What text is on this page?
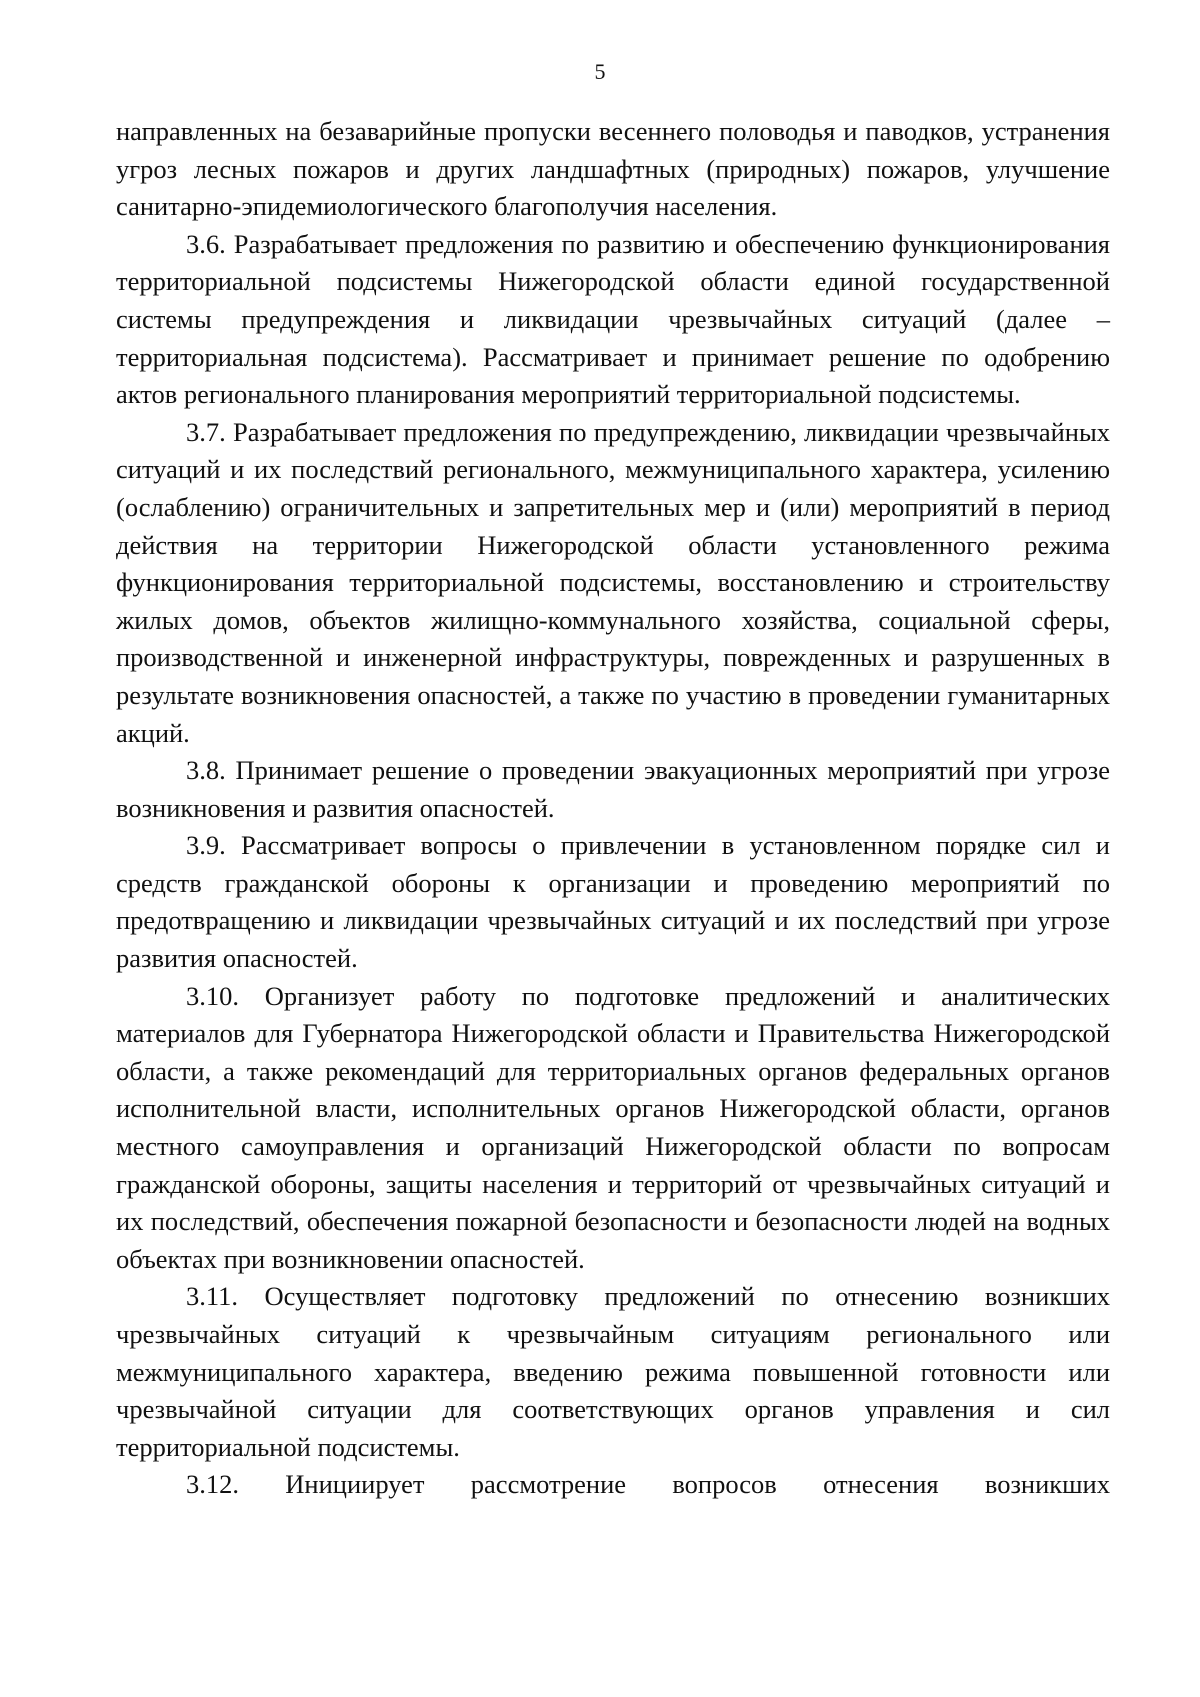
5

направленных на безаварийные пропуски весеннего половодья и паводков, устранения угроз лесных пожаров и других ландшафтных (природных) пожаров, улучшение санитарно-эпидемиологического благополучия населения.

3.6. Разрабатывает предложения по развитию и обеспечению функционирования территориальной подсистемы Нижегородской области единой государственной системы предупреждения и ликвидации чрезвычайных ситуаций (далее – территориальная подсистема). Рассматривает и принимает решение по одобрению актов регионального планирования мероприятий территориальной подсистемы.

3.7. Разрабатывает предложения по предупреждению, ликвидации чрезвычайных ситуаций и их последствий регионального, межмуниципального характера, усилению (ослаблению) ограничительных и запретительных мер и (или) мероприятий в период действия на территории Нижегородской области установленного режима функционирования территориальной подсистемы, восстановлению и строительству жилых домов, объектов жилищно-коммунального хозяйства, социальной сферы, производственной и инженерной инфраструктуры, поврежденных и разрушенных в результате возникновения опасностей, а также по участию в проведении гуманитарных акций.

3.8. Принимает решение о проведении эвакуационных мероприятий при угрозе возникновения и развития опасностей.

3.9. Рассматривает вопросы о привлечении в установленном порядке сил и средств гражданской обороны к организации и проведению мероприятий по предотвращению и ликвидации чрезвычайных ситуаций и их последствий при угрозе развития опасностей.

3.10. Организует работу по подготовке предложений и аналитических материалов для Губернатора Нижегородской области и Правительства Нижегородской области, а также рекомендаций для территориальных органов федеральных органов исполнительной власти, исполнительных органов Нижегородской области, органов местного самоуправления и организаций Нижегородской области по вопросам гражданской обороны, защиты населения и территорий от чрезвычайных ситуаций и их последствий, обеспечения пожарной безопасности и безопасности людей на водных объектах при возникновении опасностей.

3.11. Осуществляет подготовку предложений по отнесению возникших чрезвычайных ситуаций к чрезвычайным ситуациям регионального или межмуниципального характера, введению режима повышенной готовности или чрезвычайной ситуации для соответствующих органов управления и сил территориальной подсистемы.

3.12. Инициирует рассмотрение вопросов отнесения возникших
